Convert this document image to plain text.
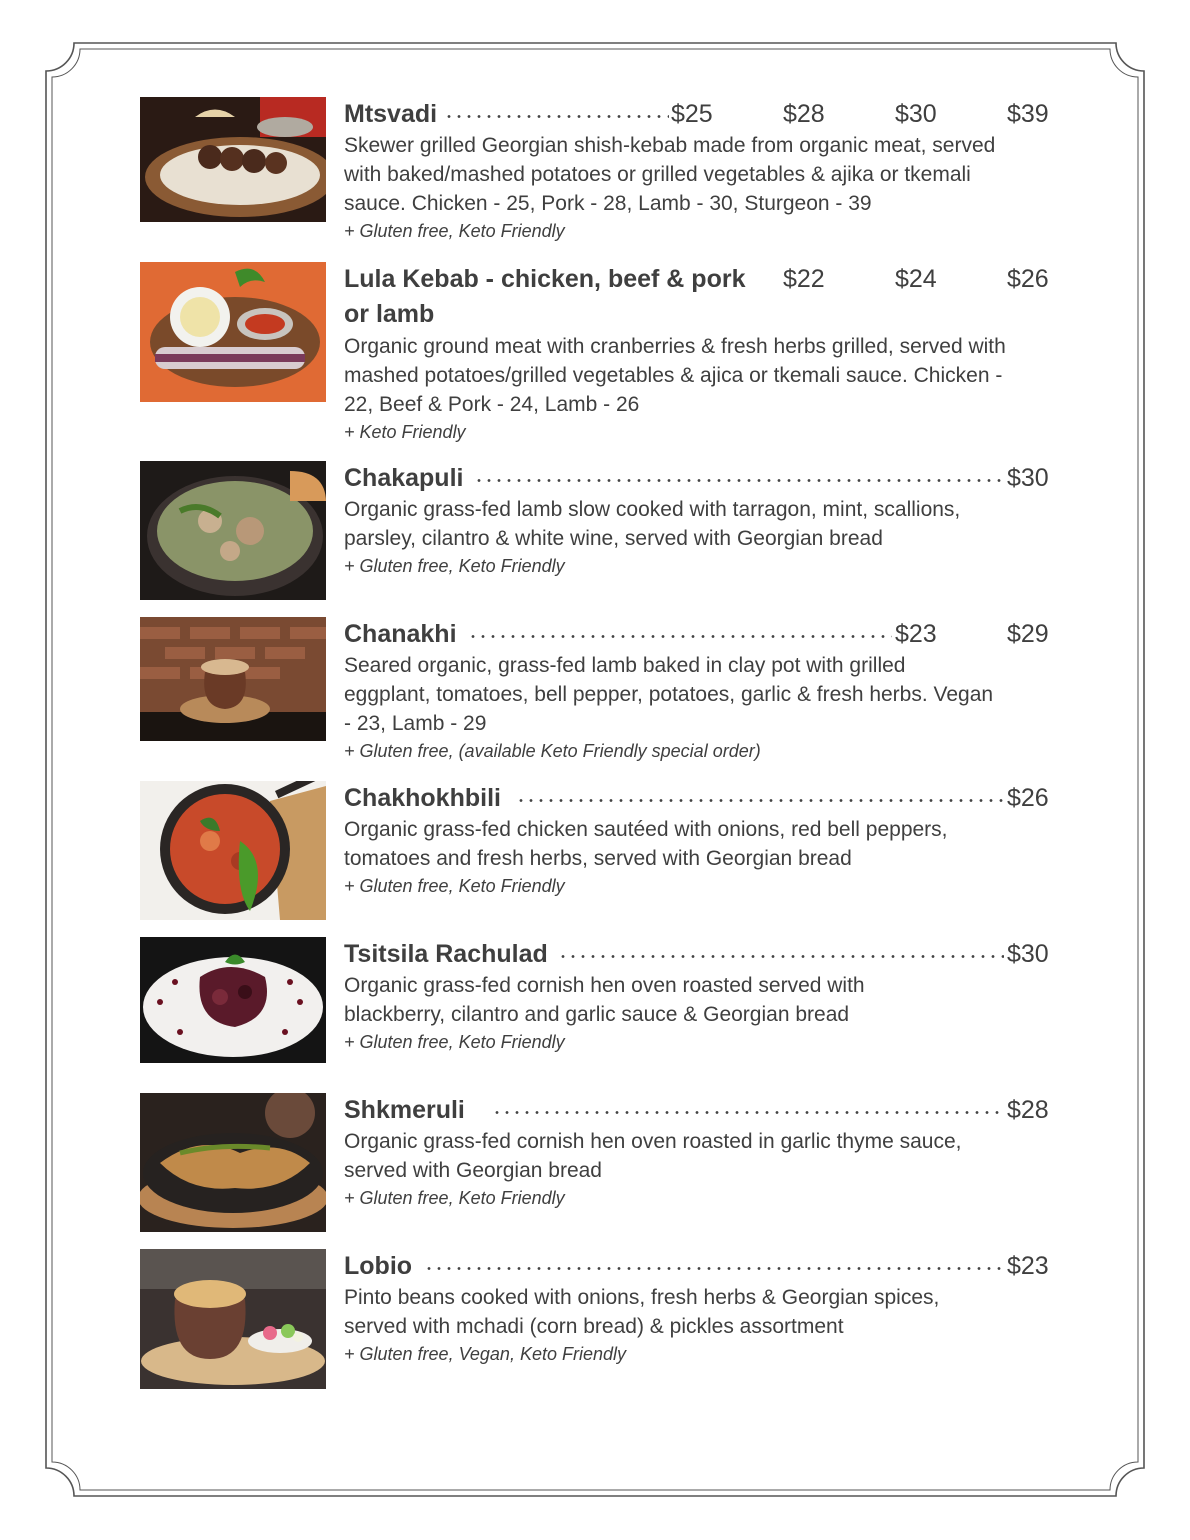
Mtsvadi	$25	$28	$30	$39
Skewer grilled Georgian shish-kebab made from organic meat, served with baked/mashed potatoes or grilled vegetables & ajika or tkemali sauce. Chicken - 25, Pork - 28, Lamb - 30, Sturgeon - 39
+ Gluten free, Keto Friendly
Lula Kebab - chicken, beef & pork or lamb
$22	$24	$26
Organic ground meat with cranberries & fresh herbs grilled, served with mashed potatoes/grilled vegetables & ajica or tkemali sauce. Chicken - 22, Beef & Pork - 24, Lamb - 26
+ Keto Friendly
Chakapuli	$30
Organic grass-fed lamb slow cooked with tarragon, mint, scallions, parsley, cilantro & white wine, served with Georgian bread
+ Gluten free, Keto Friendly
Chanakhi	$23	$29
Seared organic, grass-fed lamb baked in clay pot with grilled eggplant, tomatoes, bell pepper, potatoes, garlic & fresh herbs. Vegan - 23, Lamb - 29
+ Gluten free, (available Keto Friendly special order)
Chakhokhbili	$26
Organic grass-fed chicken sautéed with onions, red bell peppers, tomatoes and fresh herbs, served with Georgian bread
+ Gluten free, Keto Friendly
Tsitsila Rachulad	$30
Organic grass-fed cornish hen oven roasted served with blackberry, cilantro and garlic sauce & Georgian bread
+ Gluten free, Keto Friendly
Shkmeruli	$28
Organic grass-fed cornish hen oven roasted in garlic thyme sauce, served with Georgian bread
+ Gluten free, Keto Friendly
Lobio	$23
Pinto beans cooked with onions, fresh herbs & Georgian spices, served with mchadi (corn bread) & pickles assortment
+ Gluten free, Vegan, Keto Friendly
